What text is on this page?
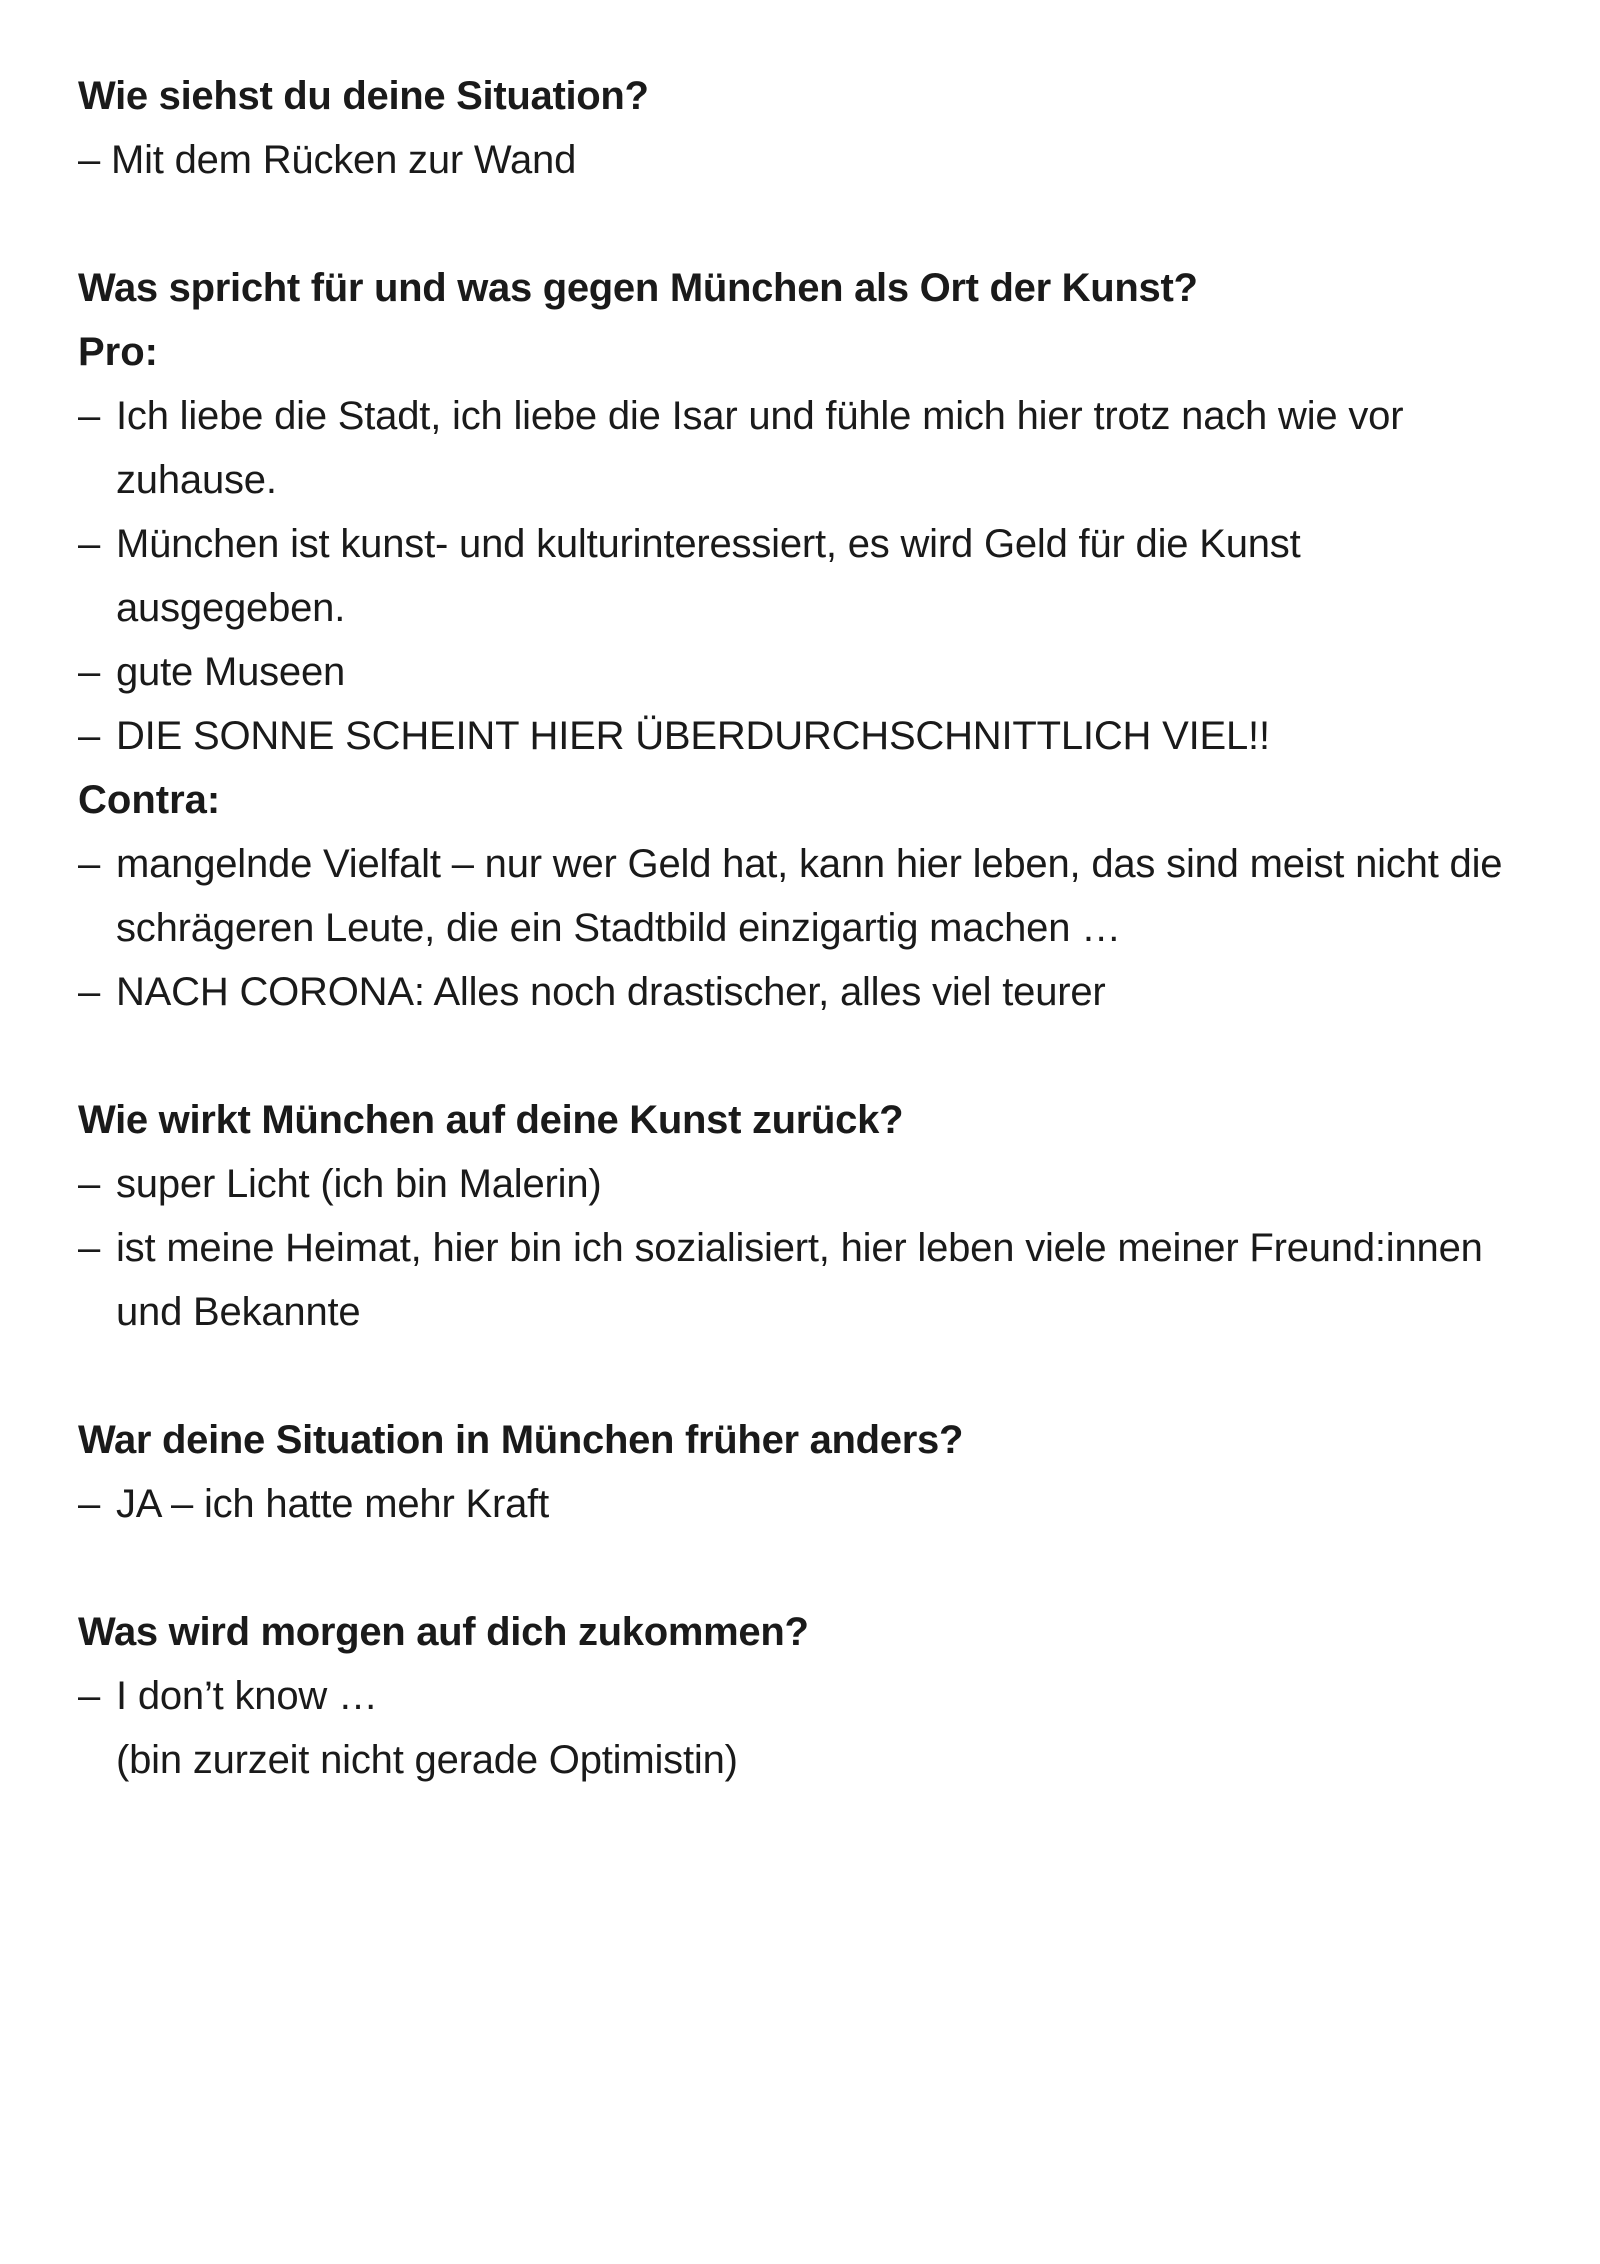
Wie siehst du deine Situation?

– Mit dem Rücken zur Wand

Was spricht für und was gegen München als Ort der Kunst?

Pro:

– Ich liebe die Stadt, ich liebe die Isar und fühle mich hier trotz nach wie vor zuhause.
– München ist kunst- und kulturinteressiert, es wird Geld für die Kunst ausgegeben.
– gute Museen
– DIE SONNE SCHEINT HIER ÜBERDURCHSCHNITTLICH VIEL!!

Contra:

– mangelnde Vielfalt – nur wer Geld hat, kann hier leben, das sind meist nicht die schrägeren Leute, die ein Stadtbild einzigartig machen …
– NACH CORONA: Alles noch drastischer, alles viel teurer

Wie wirkt München auf deine Kunst zurück?

– super Licht (ich bin Malerin)
– ist meine Heimat, hier bin ich sozialisiert, hier leben viele meiner Freund:innen und Bekannte

War deine Situation in München früher anders?

– JA – ich hatte mehr Kraft

Was wird morgen auf dich zukommen?

– I don’t know …

(bin zurzeit nicht gerade Optimistin)
